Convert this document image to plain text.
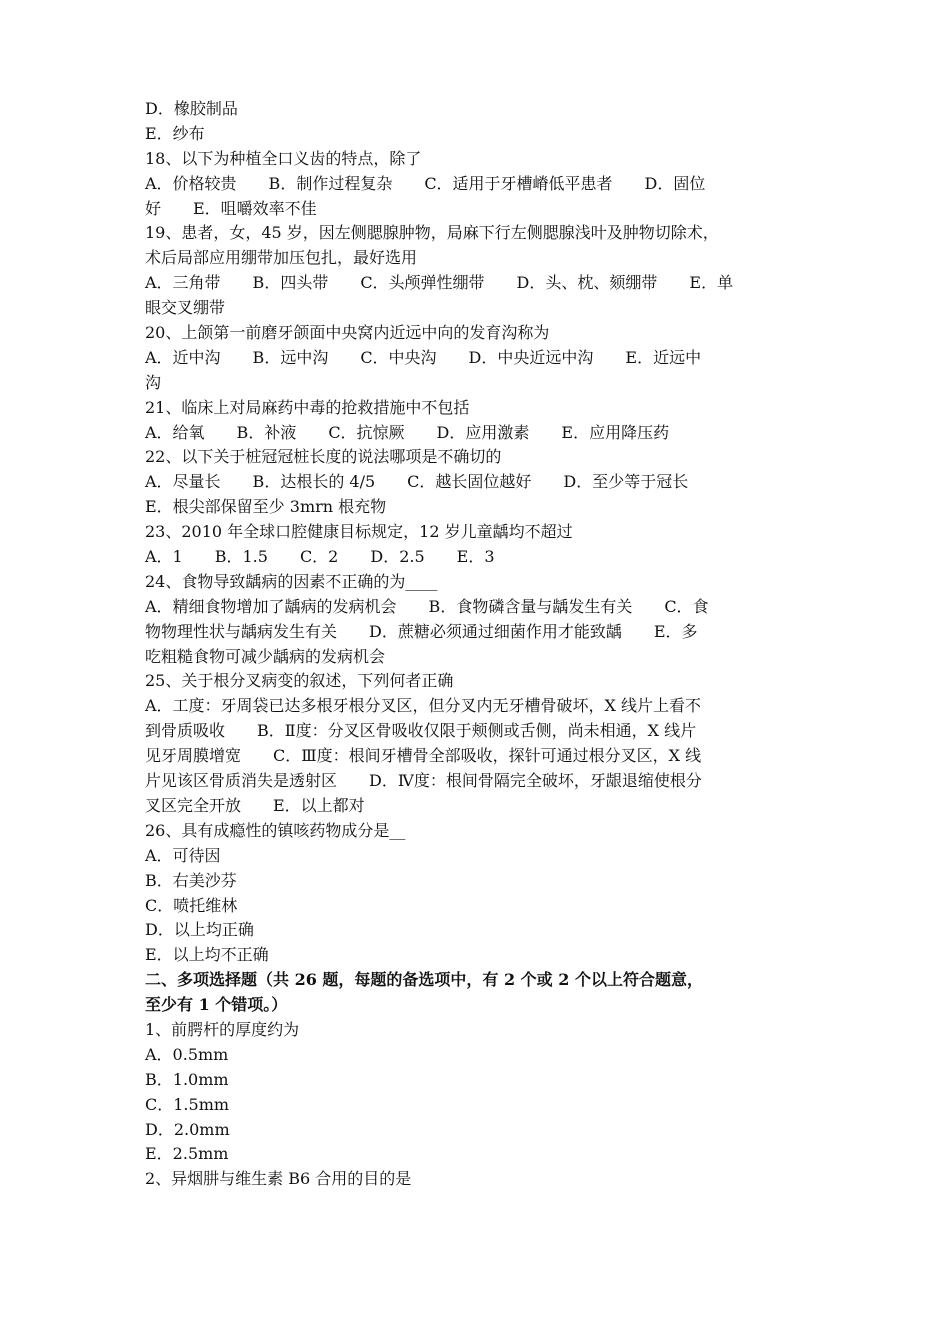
D．橡胶制品
E．纱布
18、以下为种植全口义齿的特点，除了
A．价格较贵　　B．制作过程复杂　　C．适用于牙槽嵴低平患者　　D．固位
好　　E．咀嚼效率不佳
19、患者，女，45 岁，因左侧腮腺肿物，局麻下行左侧腮腺浅叶及肿物切除术，
术后局部应用绷带加压包扎，最好选用
A．三角带　　B．四头带　　C．头颅弹性绷带　　D．头、枕、颏绷带　　E．单
眼交叉绷带
20、上颌第一前磨牙颌面中央窝内近远中向的发育沟称为
A．近中沟　　B．远中沟　　C．中央沟　　D．中央近远中沟　　E．近远中
沟
21、临床上对局麻药中毒的抢救措施中不包括
A．给氧　　B．补液　　C．抗惊厥　　D．应用激素　　E．应用降压药
22、以下关于桩冠冠桩长度的说法哪项是不确切的
A．尽量长　　B．达根长的 4/5　　C．越长固位越好　　D．至少等于冠长
E．根尖部保留至少 3mrn 根充物
23、2010 年全球口腔健康目标规定，12 岁儿童龋均不超过
A．1　　B．1.5　　C．2　　D．2.5　　E．3
24、食物导致龋病的因素不正确的为____
A．精细食物增加了龋病的发病机会　　B．食物磷含量与龋发生有关　　C．食
物物理性状与龋病发生有关　　D．蔗糖必须通过细菌作用才能致龋　　E．多
吃粗糙食物可减少龋病的发病机会
25、关于根分叉病变的叙述，下列何者正确
A．工度：牙周袋已达多根牙根分叉区，但分叉内无牙槽骨破坏，X 线片上看不
到骨质吸收　　B．Ⅱ度：分叉区骨吸收仅限于颊侧或舌侧，尚未相通，X 线片
见牙周膜增宽　　C．Ⅲ度：根间牙槽骨全部吸收，探针可通过根分叉区，X 线
片见该区骨质消失是透射区　　D．Ⅳ度：根间骨隔完全破坏，牙龈退缩使根分
叉区完全开放　　E．以上都对
26、具有成瘾性的镇咳药物成分是__
A．可待因
B．右美沙芬
C．喷托维林
D．以上均正确
E．以上均不正确
二、多项选择题（共 26 题，每题的备选项中，有 2 个或 2 个以上符合题意，
至少有 1 个错项。）
1、前腭杆的厚度约为
A．0.5mm
B．1.0mm
C．1.5mm
D．2.0mm
E．2.5mm
2、异烟肼与维生素 B6 合用的目的是
